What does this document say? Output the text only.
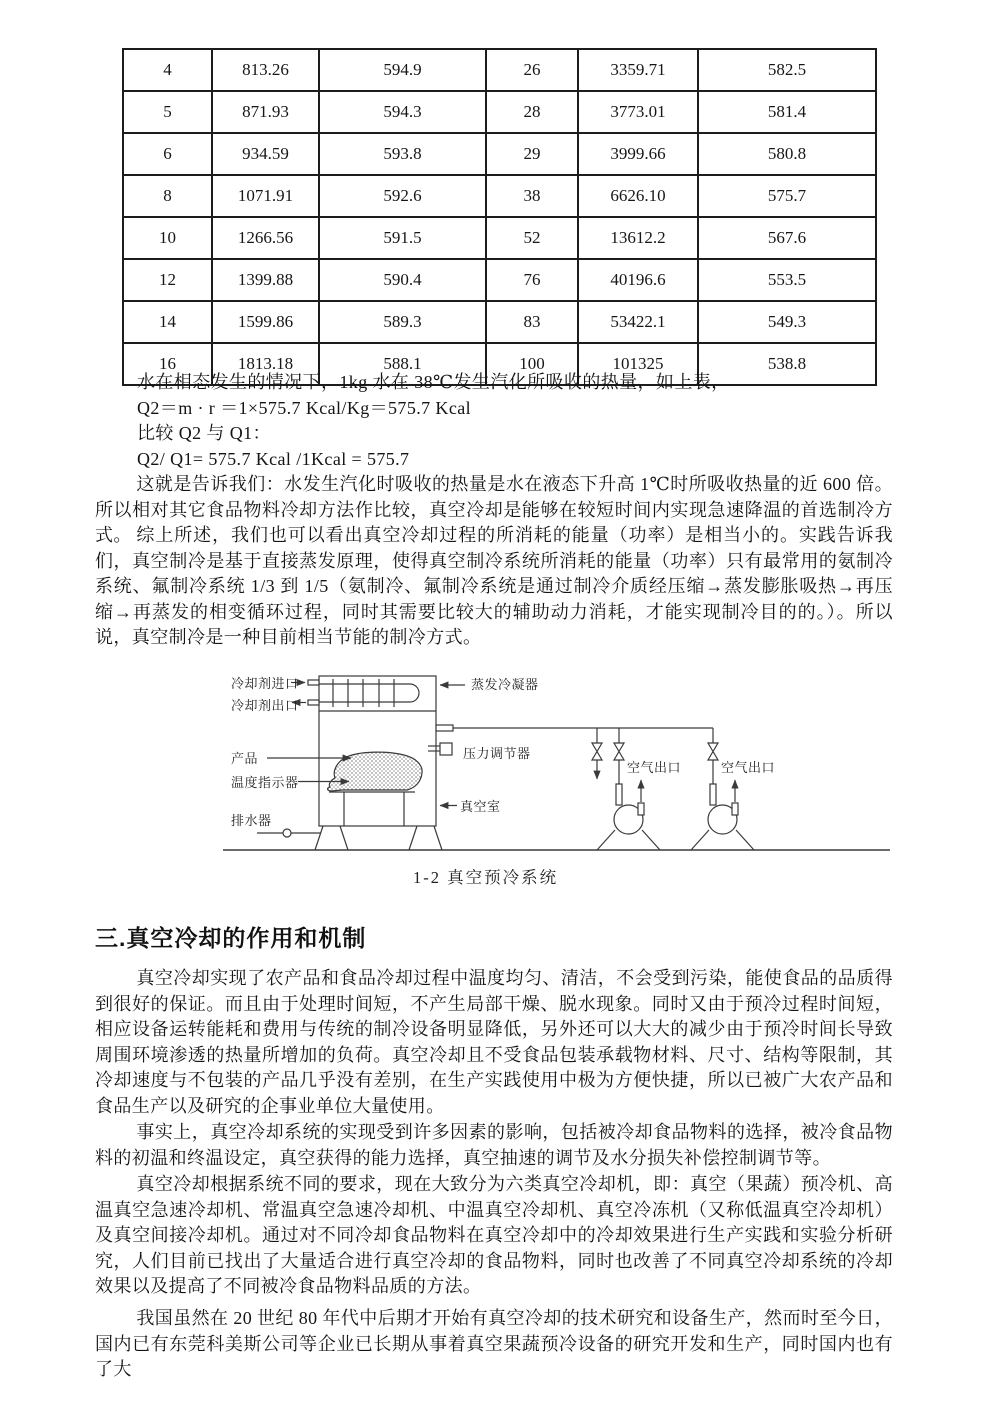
4	813.26	594.9	26	3359.71	582.5
5	871.93	594.3	28	3773.01	581.4
6	934.59	593.8	29	3999.66	580.8
8	1071.91	592.6	38	6626.10	575.7
10	1266.56	591.5	52	13612.2	567.6
12	1399.88	590.4	76	40196.6	553.5
14	1599.86	589.3	83	53422.1	549.3
16	1813.18	588.1	100	101325	538.8
水在相态发生的情况下，1kg 水在 38℃发生汽化所吸收的热量，如上表，
Q2＝m · r ＝1×575.7 Kcal/Kg＝575.7 Kcal
比较 Q2 与 Q1：
Q2/ Q1= 575.7 Kcal /1Kcal = 575.7

这就是告诉我们：水发生汽化时吸收的热量是水在液态下升高 1℃时所吸收热量的近 600 倍。所以相对其它食品物料冷却方法作比较，真空冷却是能够在较短时间内实现急速降温的首选制冷方式。 综上所述，我们也可以看出真空冷却过程的所消耗的能量（功率）是相当小的。实践告诉我们，真空制冷是基于直接蒸发原理，使得真空制冷系统所消耗的能量（功率）只有最常用的氨制冷系统、氟制冷系统 1/3 到 1/5（氨制冷、氟制冷系统是通过制冷介质经压缩→蒸发膨胀吸热→再压缩→再蒸发的相变循环过程，同时其需要比较大的辅助动力消耗，才能实现制冷目的的。）。所以说，真空制冷是一种目前相当节能的制冷方式。

冷却剂进口
冷却剂出口
蒸发冷凝器
压力调节器
产品
温度指示器
真空室
排水器
空气出口	空气出口
1-2 真空预冷系统
三.真空冷却的作用和机制

真空冷却实现了农产品和食品冷却过程中温度均匀、清洁，不会受到污染，能使食品的品质得到很好的保证。而且由于处理时间短，不产生局部干燥、脱水现象。同时又由于预冷过程时间短，相应设备运转能耗和费用与传统的制冷设备明显降低，另外还可以大大的减少由于预冷时间长导致周围环境渗透的热量所增加的负荷。真空冷却且不受食品包装承载物材料、尺寸、结构等限制，其冷却速度与不包装的产品几乎没有差别，在生产实践使用中极为方便快捷，所以已被广大农产品和食品生产以及研究的企事业单位大量使用。

事实上，真空冷却系统的实现受到许多因素的影响，包括被冷却食品物料的选择，被冷食品物料的初温和终温设定，真空获得的能力选择，真空抽速的调节及水分损失补偿控制调节等。

真空冷却根据系统不同的要求，现在大致分为六类真空冷却机，即：真空（果蔬）预冷机、高温真空急速冷却机、常温真空急速冷却机、中温真空冷却机、真空冷冻机（又称低温真空冷却机）及真空间接冷却机。通过对不同冷却食品物料在真空冷却中的冷却效果进行生产实践和实验分析研究，人们目前已找出了大量适合进行真空冷却的食品物料，同时也改善了不同真空冷却系统的冷却效果以及提高了不同被冷食品物料品质的方法。

我国虽然在 20 世纪 80 年代中后期才开始有真空冷却的技术研究和设备生产，然而时至今日，国内已有东莞科美斯公司等企业已长期从事着真空果蔬预冷设备的研究开发和生产，同时国内也有了大
